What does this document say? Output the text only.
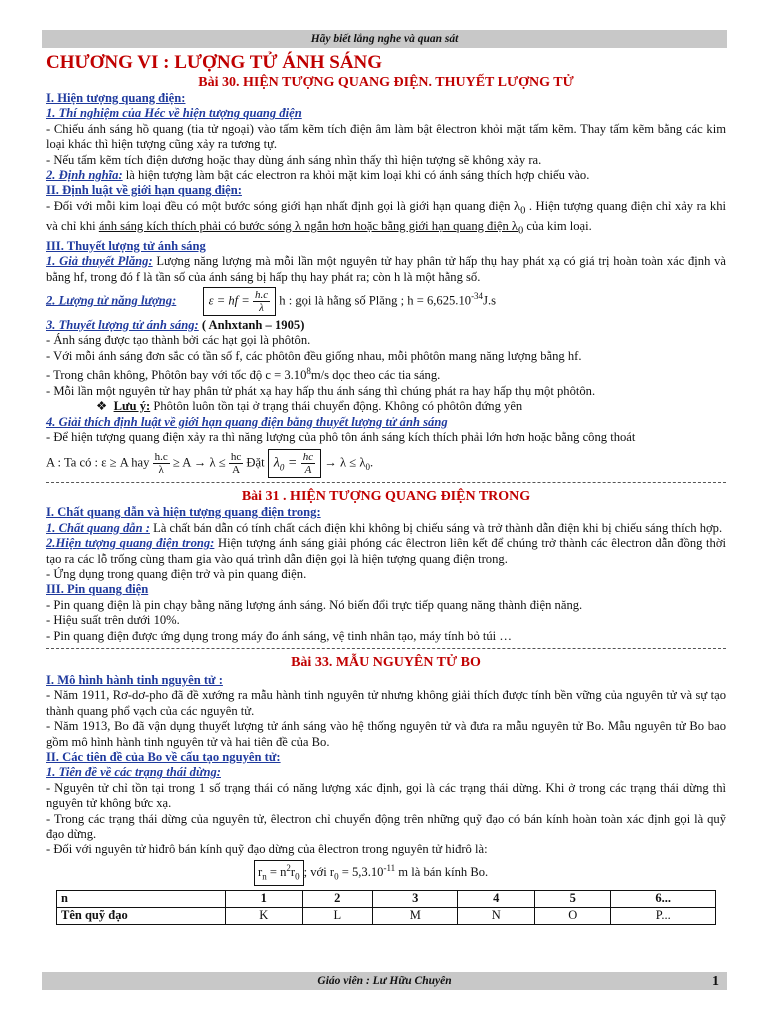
Hãy biết lắng nghe và quan sát

CHƯƠNG VI : LƯỢNG TỬ ÁNH SÁNG

Bài 30. HIỆN TƯỢNG QUANG ĐIỆN. THUYẾT LƯỢNG TỬ

I. Hiện tượng quang điện:

1. Thí nghiệm của Héc về hiện tượng quang điện

- Chiếu ánh sáng hồ quang (tia tử ngoại) vào tấm kẽm tích điện âm làm bật êlectron khỏi mặt tấm kẽm. Thay tấm kẽm bằng các kim loại khác thì hiện tượng cũng xảy ra tương tự.

- Nếu tấm kẽm tích điện dương hoặc thay dùng ánh sáng nhìn thấy thì hiện tượng sẽ không xảy ra.

2. Định nghĩa: là hiện tượng làm bật các electron ra khỏi mặt kim loại khi có ánh sáng thích hợp chiếu vào.

II. Định luật về giới hạn quang điện:

- Đối với mỗi kim loại đều có một bước sóng giới hạn nhất định gọi là giới hạn quang điện $\lambda_0$ . Hiện tượng quang điện chỉ xảy ra khi và chỉ khi ánh sáng kích thích phải có bước sóng λ ngắn hơn hoặc bằng giới hạn quang điện $\lambda_0$ của kim loại.

III. Thuyết lượng tử ánh sáng

1. Giả thuyết Plăng: Lượng năng lượng mà mỗi lần một nguyên tử hay phân tử hấp thụ hay phát xạ có giá trị hoàn toàn xác định và bằng hf, trong đó f là tần số của ánh sáng bị hấp thụ hay phát ra; còn h là một hằng số.

2. Lượng tử năng lượng:	ε = hf = $\frac{h.c}{\lambda}$ h : gọi là hằng số Plăng ; $h = 6,625.10^{-34}J.s$

3. Thuyết lượng tử ánh sáng: ( Anhxtanh – 1905)

- Ánh sáng được tạo thành bởi các hạt gọi là phôtôn.

- Với mỗi ánh sáng đơn sắc có tần số f, các phôtôn đều giống nhau, mỗi phôtôn mang năng lượng bằng hf.

- Trong chân không, Phôtôn bay với tốc độ $c = 3.10^8m/s$ dọc theo các tia sáng.

- Mỗi lần một nguyên tử hay phân tử phát xạ hay hấp thu ánh sáng thì chúng phát ra hay hấp thụ một phôtôn.

❖ Lưu ý: Phôtôn luôn tồn tại ở trạng thái chuyển động. Không có phôtôn đứng yên

4. Giải thích định luật về giới hạn quang điện bằng thuyết lượng tử ánh sáng

- Để hiện tượng quang điện xảy ra thì năng lượng của phô tôn ánh sáng kích thích phải lớn hơn hoặc bằng công thoát

A : Ta có : ε ≥ A hay $\frac{h.c}{\lambda} \ge A \to \lambda \le \frac{hc}{A}$ Đặt $\lambda_0 = \frac{hc}{A} \to \lambda \le \lambda_0$.

Bài 31 . HIỆN TƯỢNG QUANG ĐIỆN TRONG

I. Chất quang dẫn và hiện tượng quang điện trong:

1. Chất quang dẫn : Là chất bán dẫn có tính chất cách điện khi không bị chiếu sáng và trở thành dẫn điện khi bị chiếu sáng thích hợp.

2.Hiện tượng quang điện trong: Hiện tượng ánh sáng giải phóng các êlectron liên kết để chúng trở thành các êlectron dẫn đồng thời tạo ra các lỗ trống cùng tham gia vào quá trình dẫn điện gọi là hiện tượng quang điện trong.

- Ứng dụng trong quang điện trở và pin quang điện.

III. Pin quang điện

- Pin quang điện là pin chạy bằng năng lượng ánh sáng. Nó biến đổi trực tiếp quang năng thành điện năng.

- Hiệu suất trên dưới 10%.

- Pin quang điện được ứng dụng trong máy đo ánh sáng, vệ tinh nhân tạo, máy tính bỏ túi …

Bài 33. MẪU NGUYÊN TỬ BO

I. Mô hình hành tinh nguyên tử :

- Năm 1911, Rơ-dơ-pho đã đề xướng ra mẫu hành tinh nguyên tử nhưng không giải thích được tính bền vững của nguyên tử và sự tạo thành quang phổ vạch của các nguyên tử.

- Năm 1913, Bo đã vận dụng thuyết lượng tử ánh sáng vào hệ thống nguyên tử và đưa ra mẫu nguyên tử Bo. Mẫu nguyên tử Bo bao gồm mô hình hành tinh nguyên tử và hai tiên đề của Bo.

II. Các tiên đề của Bo về cấu tạo nguyên tử:

1. Tiên đề về các trạng thái dừng:

- Nguyên tử chỉ tồn tại trong 1 số trạng thái có năng lượng xác định, gọi là các trạng thái dừng. Khi ở trong các trạng thái dừng thì nguyên tử không bức xạ.

- Trong các trạng thái dừng của nguyên tử, êlectron chỉ chuyển động trên những quỹ đạo có bán kính hoàn toàn xác định gọi là quỹ đạo dừng.

- Đối với nguyên tử hiđrô bán kính quỹ đạo dừng của êlectron trong nguyên tử hiđrô là:

$r_n = n^2r_0$ ; với $r_0 = 5,3.10^{-11}$ m là bán kính Bo.

n	1	2	3	4	5	6...
Tên quỹ đạo	K	L	M	N	O	P...
Giáo viên : Lư Hữu Chuyên	1
